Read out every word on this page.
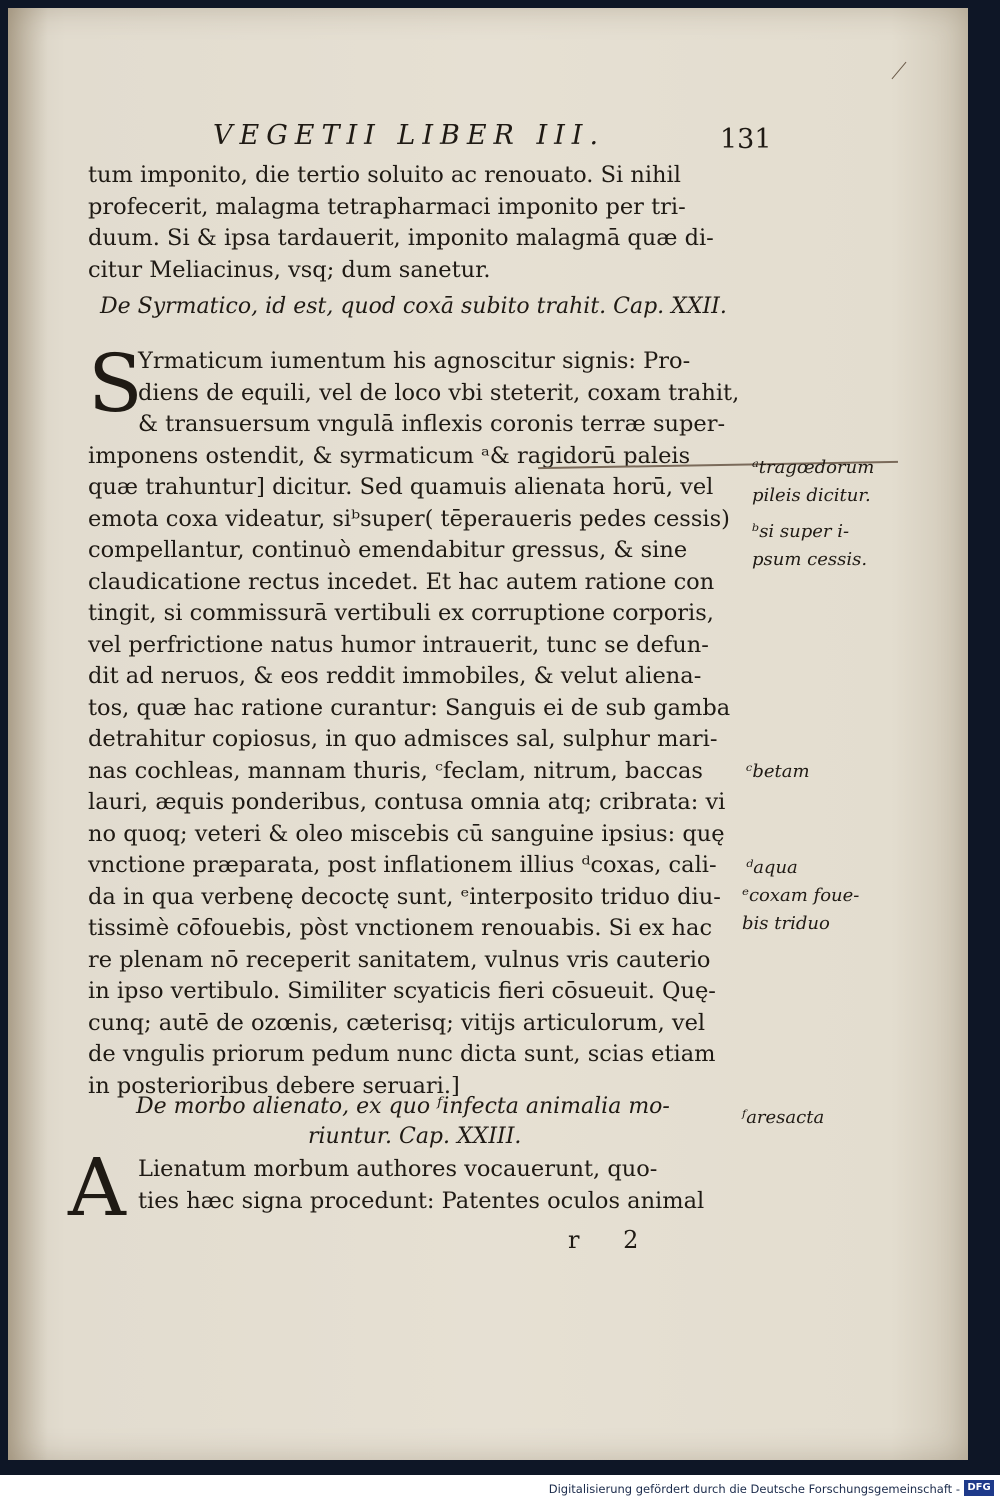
VEGETII LIBER III.	131
tum imponito, die tertio soluito ac renouato. Si nihil
profecerit, malagma tetrapharmaci imponito per tri-
duum. Si & ipsa tardauerit, imponito malagmā quæ di-
citur Meliacinus, vsq; dum sanetur.
De Syrmatico, id est, quod coxā subito trahit. Cap. XXII.
S
Yrmaticum iumentum his agnoscitur signis: Pro-
diens de equili, vel de loco vbi steterit, coxam trahit,
& transuersum vngulā inflexis coronis terræ super-
imponens ostendit, & syrmaticum ᵃ& ragidorū paleis
quæ trahuntur] dicitur. Sed quamuis alienata horū, vel
emota coxa videatur, siᵇsuper( tēperaueris pedes cessis)
compellantur, continuò emendabitur gressus, & sine
claudicatione rectus incedet. Et hac autem ratione con
tingit, si commissurā vertibuli ex corruptione corporis,
vel perfrictione natus humor intrauerit, tunc se defun-
dit ad neruos, & eos reddit immobiles, & velut aliena-
tos, quæ hac ratione curantur: Sanguis ei de sub gamba
detrahitur copiosus, in quo admisces sal, sulphur mari-
nas cochleas, mannam thuris, ᶜfeclam, nitrum, baccas
lauri, æquis ponderibus, contusa omnia atq; cribrata: vi
no quoq; veteri & oleo miscebis cū sanguine ipsius: quę
vnctione præparata, post inflationem illius ᵈcoxas, cali-
da in qua verbenę decoctę sunt, ᵉinterposito triduo diu-
tissimè cōfouebis, pòst vnctionem renouabis. Si ex hac
re plenam nō receperit sanitatem, vulnus vris cauterio
in ipso vertibulo. Similiter scyaticis fieri cōsueuit. Quę-
cunq; autē de ozœnis, cæterisq; vitijs articulorum, vel
de vngulis priorum pedum nunc dicta sunt, scias etiam
in posterioribus debere seruari.]
De morbo alienato, ex quo ᶠinfecta animalia mo-
riuntur. Cap. XXIII.
A Lienatum morbum authores vocauerunt, quo-
ties hæc signa procedunt: Patentes oculos animal
r 2
ᵃtragœdorum
pileis dicitur.
ᵇsi super i-
psum cessis.
ᶜbetam
ᵈaqua
ᵉcoxam foue-
bis triduo
ᶠaresacta
Digitalisierung gefördert durch die Deutsche Forschungsgemeinschaft - DFG
